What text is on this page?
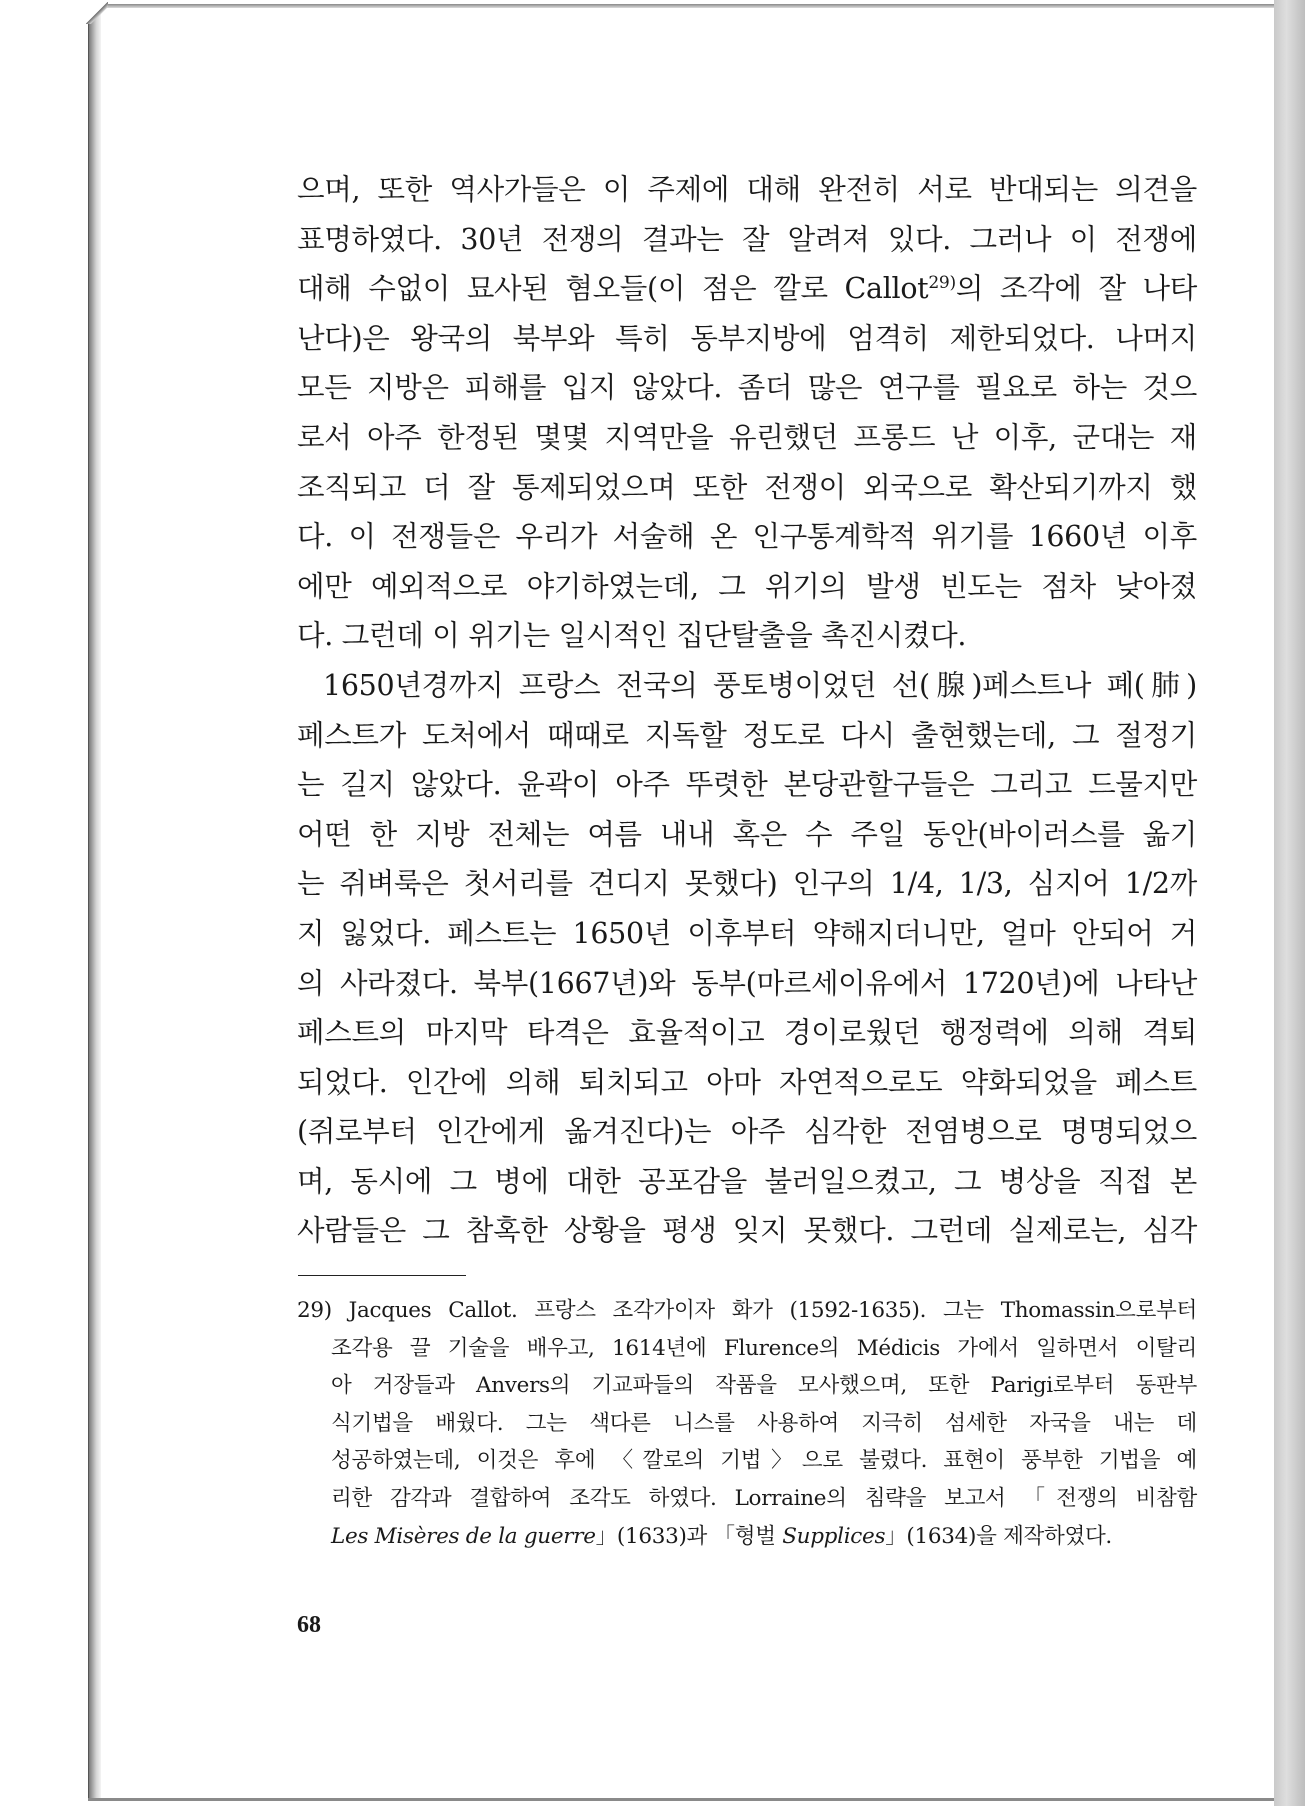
으며, 또한 역사가들은 이 주제에 대해 완전히 서로 반대되는 의견을
표명하였다. 30년 전쟁의 결과는 잘 알려져 있다. 그러나 이 전쟁에
대해 수없이 묘사된 혐오들(이 점은 깔로 Callot$^{29)}$의 조각에 잘 나타
난다)은 왕국의 북부와 특히 동부지방에 엄격히 제한되었다. 나머지
모든 지방은 피해를 입지 않았다. 좀더 많은 연구를 필요로 하는 것으
로서 아주 한정된 몇몇 지역만을 유린했던 프롱드 난 이후, 군대는 재
조직되고 더 잘 통제되었으며 또한 전쟁이 외국으로 확산되기까지 했
다. 이 전쟁들은 우리가 서술해 온 인구통계학적 위기를 1660년 이후
에만 예외적으로 야기하였는데, 그 위기의 발생 빈도는 점차 낮아졌
다. 그런데 이 위기는 일시적인 집단탈출을 촉진시켰다.
1650년경까지 프랑스 전국의 풍토병이었던 선(腺)페스트나 폐(肺)
페스트가 도처에서 때때로 지독할 정도로 다시 출현했는데, 그 절정기
는 길지 않았다. 윤곽이 아주 뚜렷한 본당관할구들은 그리고 드물지만
어떤 한 지방 전체는 여름 내내 혹은 수 주일 동안(바이러스를 옮기
는 쥐벼룩은 첫서리를 견디지 못했다) 인구의 1/4, 1/3, 심지어 1/2까
지 잃었다. 페스트는 1650년 이후부터 약해지더니만, 얼마 안되어 거
의 사라졌다. 북부(1667년)와 동부(마르세이유에서 1720년)에 나타난
페스트의 마지막 타격은 효율적이고 경이로웠던 행정력에 의해 격퇴
되었다. 인간에 의해 퇴치되고 아마 자연적으로도 약화되었을 페스트
(쥐로부터 인간에게 옮겨진다)는 아주 심각한 전염병으로 명명되었으
며, 동시에 그 병에 대한 공포감을 불러일으켰고, 그 병상을 직접 본
사람들은 그 참혹한 상황을 평생 잊지 못했다. 그런데 실제로는, 심각
29) Jacques Callot. 프랑스 조각가이자 화가 (1592-1635). 그는 Thomassin으로부터
조각용 끌 기술을 배우고, 1614년에 Flurence의 Médicis 가에서 일하면서 이탈리
아 거장들과 Anvers의 기교파들의 작품을 모사했으며, 또한 Parigi로부터 동판부
식기법을 배웠다. 그는 색다른 니스를 사용하여 지극히 섬세한 자국을 내는 데
성공하였는데, 이것은 후에 〈깔로의 기법〉으로 불렸다. 표현이 풍부한 기법을 예
리한 감각과 결합하여 조각도 하였다. Lorraine의 침략을 보고서 「전쟁의 비참함
Les Misères de la guerre」(1633)과 「형벌 Supplices」(1634)을 제작하였다.
68
